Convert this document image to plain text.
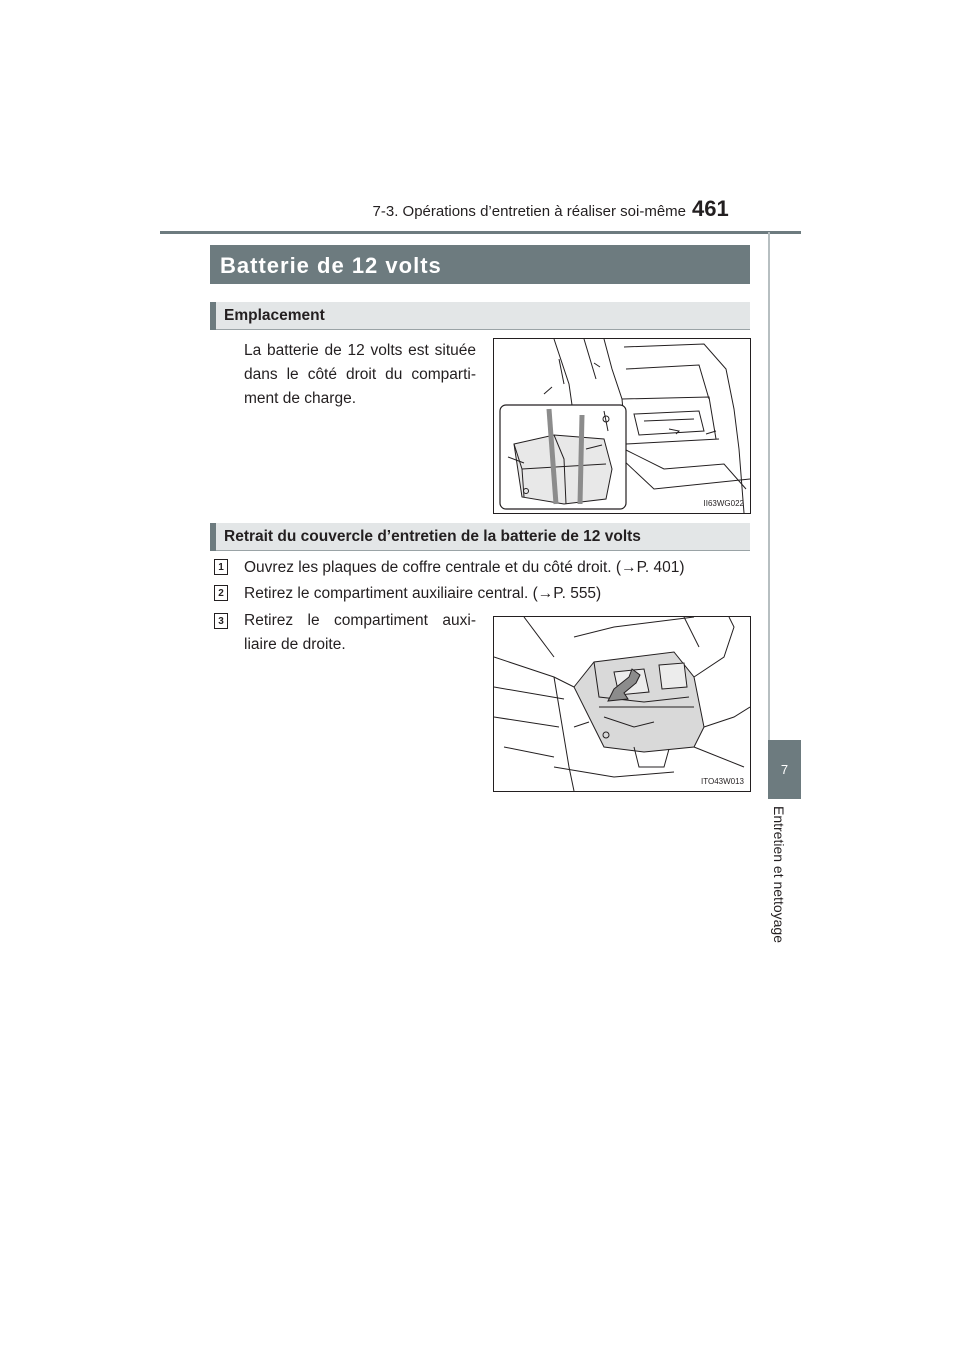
7-3. Opérations d’entretien à réaliser soi-même 461
7
Entretien et nettoyage
Batterie de 12 volts
Emplacement
La batterie de 12 volts est située dans le côté droit du comparti-ment de charge.
II63WG022
Retrait du couvercle d’entretien de la batterie de 12 volts
1 Ouvrez les plaques de coffre centrale et du côté droit. (→P. 401)
2 Retirez le compartiment auxiliaire central. (→P. 555)
3 Retirez le compartiment auxi-liaire de droite.
ITO43W013
